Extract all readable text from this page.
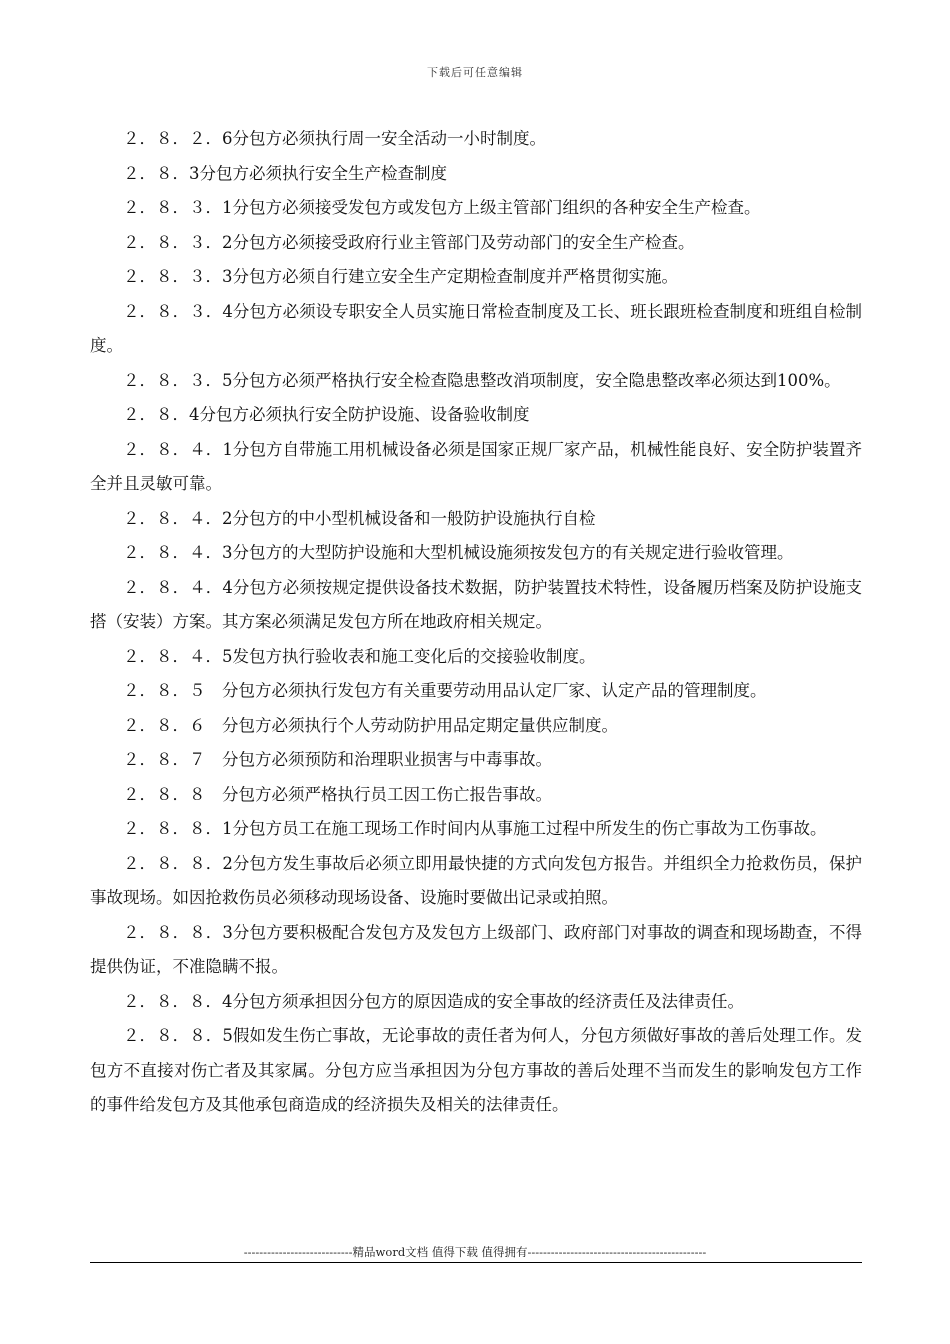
下载后可任意编辑

２．８．２．6分包方必须执行周一安全活动一小时制度。

２．８．3分包方必须执行安全生产检查制度

２．８．３．1分包方必须接受发包方或发包方上级主管部门组织的各种安全生产检查。

２．８．３．2分包方必须接受政府行业主管部门及劳动部门的安全生产检查。

２．８．３．3分包方必须自行建立安全生产定期检查制度并严格贯彻实施。

２．８．３．4分包方必须设专职安全人员实施日常检查制度及工长、班长跟班检查制度和班组自检制度。

２．８．３．5分包方必须严格执行安全检查隐患整改消项制度，安全隐患整改率必须达到100%。

２．８．4分包方必须执行安全防护设施、设备验收制度

２．８．４．1分包方自带施工用机械设备必须是国家正规厂家产品，机械性能良好、安全防护装置齐全并且灵敏可靠。

２．８．４．2分包方的中小型机械设备和一般防护设施执行自检

２．８．４．3分包方的大型防护设施和大型机械设施须按发包方的有关规定进行验收管理。

２．８．４．4分包方必须按规定提供设备技术数据，防护装置技术特性，设备履历档案及防护设施支搭（安装）方案。其方案必须满足发包方所在地政府相关规定。

２．８．４．5发包方执行验收表和施工变化后的交接验收制度。

２．８．５　分包方必须执行发包方有关重要劳动用品认定厂家、认定产品的管理制度。

２．８．６　分包方必须执行个人劳动防护用品定期定量供应制度。

２．８．７　分包方必须预防和治理职业损害与中毒事故。

２．８．８　分包方必须严格执行员工因工伤亡报告事故。

２．８．８．1分包方员工在施工现场工作时间内从事施工过程中所发生的伤亡事故为工伤事故。

２．８．８．2分包方发生事故后必须立即用最快捷的方式向发包方报告。并组织全力抢救伤员，保护事故现场。如因抢救伤员必须移动现场设备、设施时要做出记录或拍照。

２．８．８．3分包方要积极配合发包方及发包方上级部门、政府部门对事故的调查和现场勘查，不得提供伪证，不准隐瞒不报。

２．８．８．4分包方须承担因分包方的原因造成的安全事故的经济责任及法律责任。

２．８．８．5假如发生伤亡事故，无论事故的责任者为何人，分包方须做好事故的善后处理工作。发包方不直接对伤亡者及其家属。分包方应当承担因为分包方事故的善后处理不当而发生的影响发包方工作的事件给发包方及其他承包商造成的经济损失及相关的法律责任。

----------------------------精品word文档 值得下载 值得拥有----------------------------------------------
